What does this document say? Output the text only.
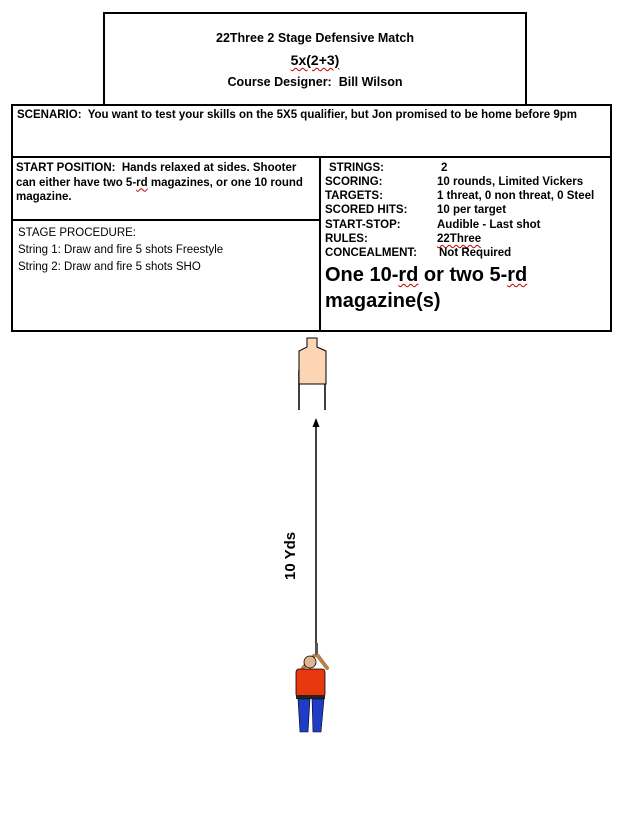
22Three 2 Stage Defensive Match
5x(2+3)
Course Designer: Bill Wilson
SCENARIO: You want to test your skills on the 5X5 qualifier, but Jon promised to be home before 9pm
START POSITION: Hands relaxed at sides. Shooter can either have two 5-rd magazines, or one 10 round magazine.
STAGE PROCEDURE:
String 1: Draw and fire 5 shots Freestyle
String 2: Draw and fire 5 shots SHO
STRINGS:	2
SCORING:	10 rounds, Limited Vickers
TARGETS:	1 threat, 0 non threat, 0 Steel
SCORED HITS:	10 per target
START-STOP:	Audible - Last shot
RULES:	22Three
CONCEALMENT: Not Required
One 10-rd or two 5-rd magazine(s)
10 Yds
